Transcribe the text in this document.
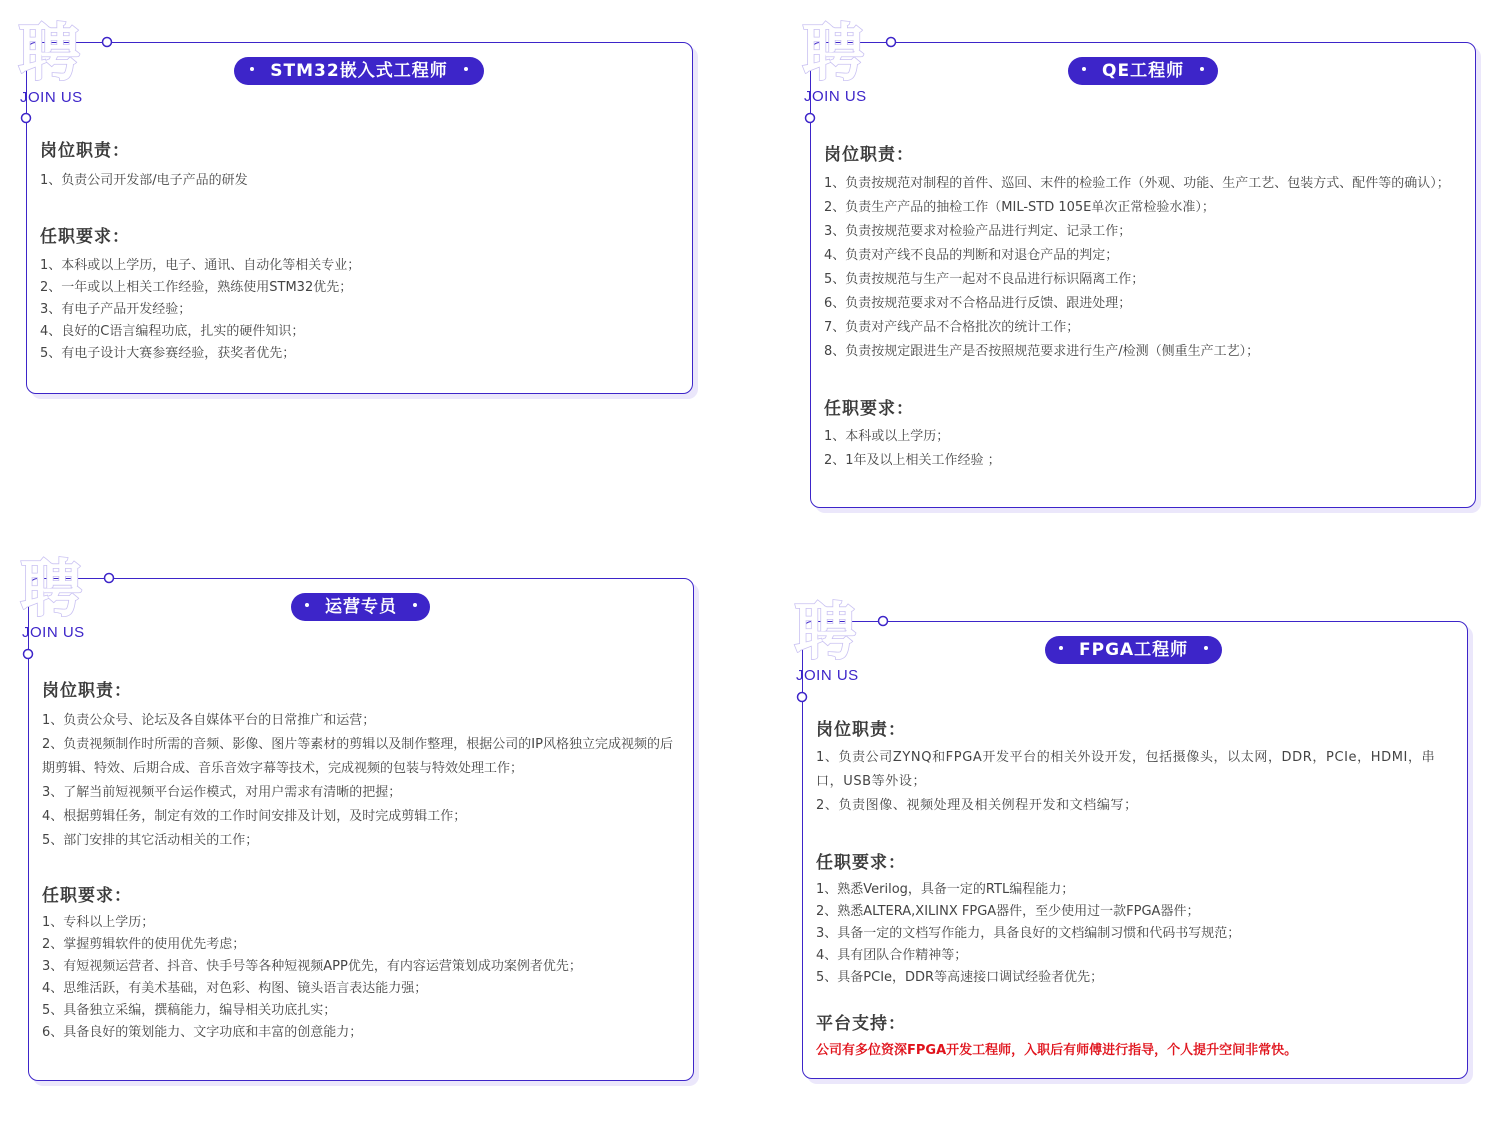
聘
JOIN US
STM32嵌入式工程师

岗位职责：

1、负责公司开发部/电子产品的研发

任职要求：

1、本科或以上学历，电子、通讯、自动化等相关专业；
2、一年或以上相关工作经验，熟练使用STM32优先；
3、有电子产品开发经验；
4、良好的C语言编程功底，扎实的硬件知识；
5、有电子设计大赛参赛经验，获奖者优先；
聘
JOIN US
QE工程师

岗位职责：

1、负责按规范对制程的首件、巡回、末件的检验工作（外观、功能、生产工艺、包装方式、配件等的确认）；
2、负责生产产品的抽检工作（MIL-STD 105E单次正常检验水准）；
3、负责按规范要求对检验产品进行判定、记录工作；
4、负责对产线不良品的判断和对退仓产品的判定；
5、负责按规范与生产一起对不良品进行标识隔离工作；
6、负责按规范要求对不合格品进行反馈、跟进处理；
7、负责对产线产品不合格批次的统计工作；
8、负责按规定跟进生产是否按照规范要求进行生产/检测（侧重生产工艺）；

任职要求：

1、本科或以上学历；
2、1年及以上相关工作经验 ；
聘
JOIN US
运营专员

岗位职责：

1、负责公众号、论坛及各自媒体平台的日常推广和运营；
2、负责视频制作时所需的音频、影像、图片等素材的剪辑以及制作整理，根据公司的IP风格独立完成视频的后期剪辑、特效、后期合成、音乐音效字幕等技术，完成视频的包装与特效处理工作；
3、了解当前短视频平台运作模式，对用户需求有清晰的把握；
4、根据剪辑任务，制定有效的工作时间安排及计划，及时完成剪辑工作；
5、部门安排的其它活动相关的工作；

任职要求：

1、专科以上学历；
2、掌握剪辑软件的使用优先考虑；
3、有短视频运营者、抖音、快手号等各种短视频APP优先，有内容运营策划成功案例者优先；
4、思维活跃，有美术基础，对色彩、构图、镜头语言表达能力强；
5、具备独立采编，撰稿能力，编导相关功底扎实；
6、具备良好的策划能力、文字功底和丰富的创意能力；
聘
JOIN US
FPGA工程师

岗位职责：

1、负责公司ZYNQ和FPGA开发平台的相关外设开发，包括摄像头，以太网，DDR，PCIe，HDMI，串口，USB等外设；
2、负责图像、视频处理及相关例程开发和文档编写；

任职要求：

1、熟悉Verilog，具备一定的RTL编程能力；
2、熟悉ALTERA,XILINX FPGA器件，至少使用过一款FPGA器件；
3、具备一定的文档写作能力，具备良好的文档编制习惯和代码书写规范；
4、具有团队合作精神等；
5、具备PCIe，DDR等高速接口调试经验者优先；

平台支持：

公司有多位资深FPGA开发工程师，入职后有师傅进行指导，个人提升空间非常快。
